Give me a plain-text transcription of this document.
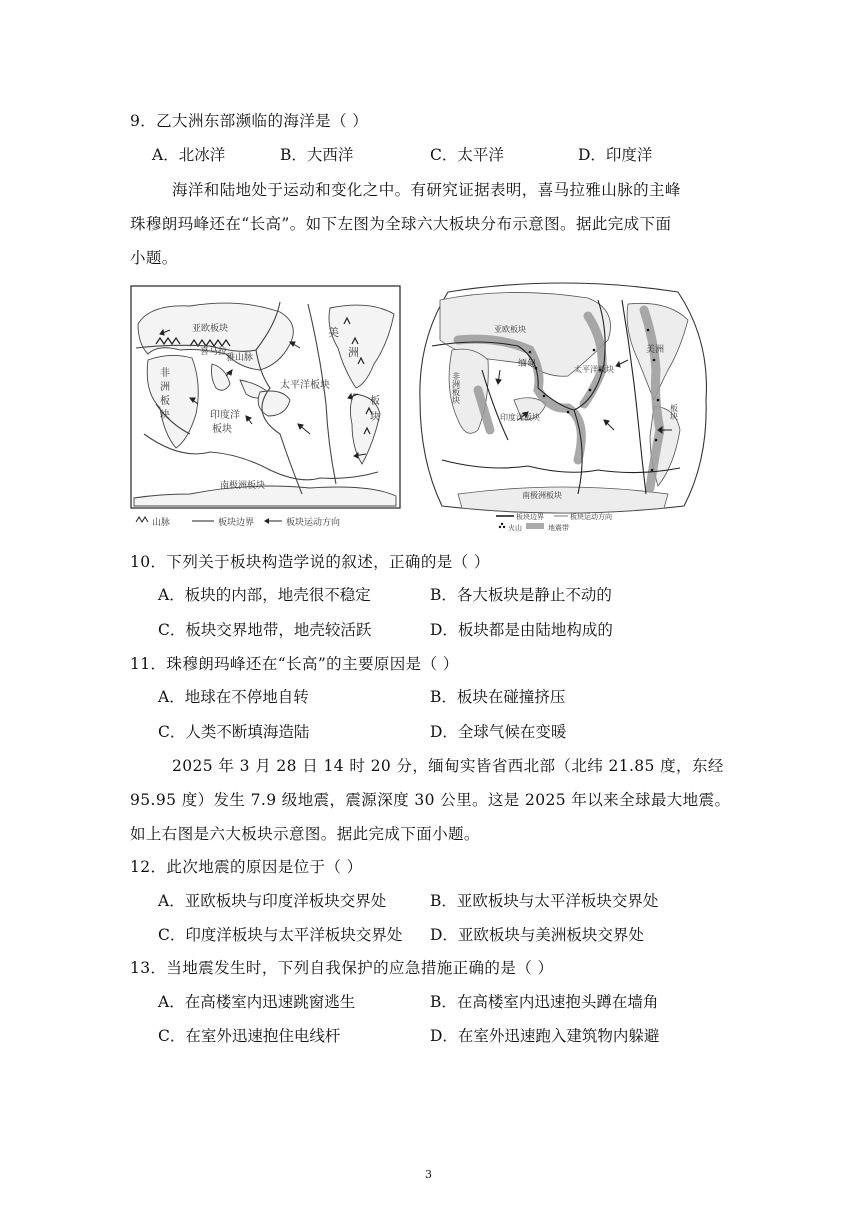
9．乙大洲东部濒临的海洋是（ ）
A．北冰洋	B．大西洋	C．太平洋	D．印度洋
海洋和陆地处于运动和变化之中。有研究证据表明，喜马拉雅山脉的主峰
珠穆朗玛峰还在“长高”。如下左图为全球六大板块分布示意图。据此完成下面
小题。
亚欧板块
喜马拉
雅山脉
美
洲
非
洲
板
块
太平洋板块
印度洋
板块
板
块
南极洲板块
山脉	板块边界	板块运动方向
亚欧板块
非洲板块
缅甸
太平洋板块
美洲
板块
印度洋板块
南极洲板块
板块边界	板块运动方向
火山	地震带
10．下列关于板块构造学说的叙述，正确的是（ ）
A．板块的内部，地壳很不稳定	B．各大板块是静止不动的
C．板块交界地带，地壳较活跃	D．板块都是由陆地构成的
11．珠穆朗玛峰还在“长高”的主要原因是（ ）
A．地球在不停地自转	B．板块在碰撞挤压
C．人类不断填海造陆	D．全球气候在变暖
2025 年 3 月 28 日 14 时 20 分，缅甸实皆省西北部（北纬 21.85 度，东经
95.95 度）发生 7.9 级地震，震源深度 30 公里。这是 2025 年以来全球最大地震。
如上右图是六大板块示意图。据此完成下面小题。
12．此次地震的原因是位于（ ）
A．亚欧板块与印度洋板块交界处	B．亚欧板块与太平洋板块交界处
C．印度洋板块与太平洋板块交界处 D．亚欧板块与美洲板块交界处
13．当地震发生时，下列自我保护的应急措施正确的是（ ）
A．在高楼室内迅速跳窗逃生	B．在高楼室内迅速抱头蹲在墙角
C．在室外迅速抱住电线杆	D．在室外迅速跑入建筑物内躲避
3
